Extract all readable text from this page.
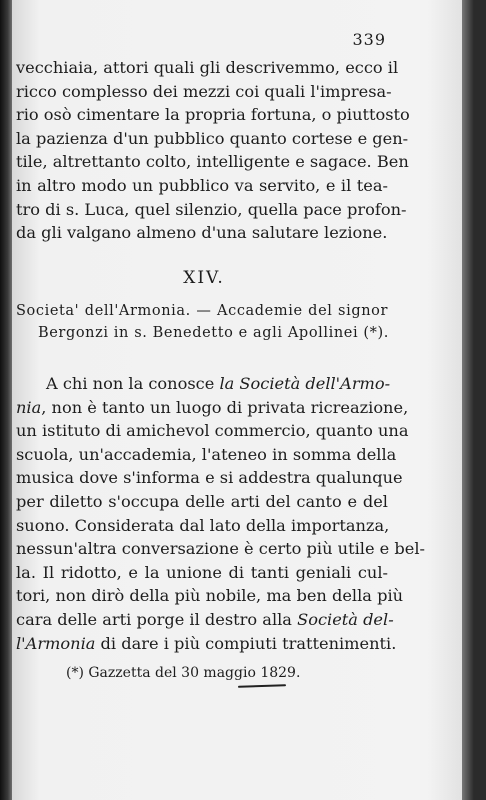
339
vecchiaia, attori quali gli descrivemmo, ecco il
ricco complesso dei mezzi coi quali l'impresa-
rio osò cimentare la propria fortuna, o piuttosto
la pazienza d'un pubblico quanto cortese e gen-
tile, altrettanto colto, intelligente e sagace. Ben
in altro modo un pubblico va servito, e il tea-
tro di s. Luca, quel silenzio, quella pace profon-
da gli valgano almeno d'una salutare lezione.
XIV.
Societa' dell'Armonia. — Accademie del signor
Bergonzi in s. Benedetto e agli Apollinei (*).
A chi non la conosce la Società dell'Armo-
nia, non è tanto un luogo di privata ricreazione,
un istituto di amichevol commercio, quanto una
scuola, un'accademia, l'ateneo in somma della
musica dove s'informa e si addestra qualunque
per diletto s'occupa delle arti del canto e del
suono. Considerata dal lato della importanza,
nessun'altra conversazione è certo più utile e bel-
la. Il ridotto, e la unione di tanti geniali cul-
tori, non dirò della più nobile, ma ben della più
cara delle arti porge il destro alla Società del-
l'Armonia di dare i più compiuti trattenimenti.
(*) Gazzetta del 30 maggio 1829.
